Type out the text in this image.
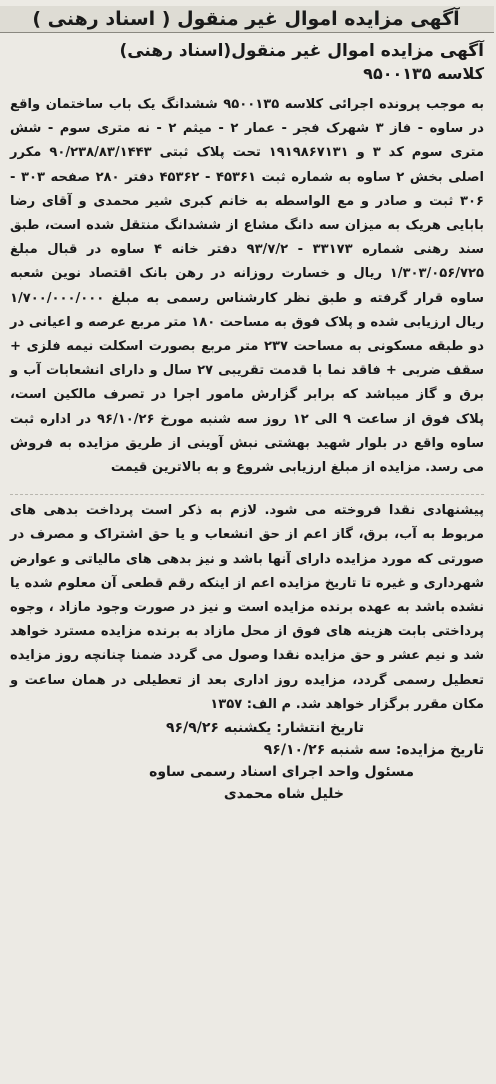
آگهی مزایده اموال غیر منقول ( اسناد رهنی )
آگهی مزایده اموال غیر منقول(اسناد رهنی)
کلاسه ۹۵۰۰۱۳۵

به موجب پرونده اجرائی کلاسه ۹۵۰۰۱۳۵ ششدانگ یک باب ساختمان واقع در ساوه - فاز ۳ شهرک فجر - عمار ۲ - میثم ۲ - نه متری سوم - شش متری سوم کد ۳ و ۱۹۱۹۸۶۷۱۳۱ تحت پلاک ثبتی ۹۰/۲۳۸/۸۳/۱۴۴۳ مکرر اصلی بخش ۲ ساوه به شماره ثبت ۴۵۳۶۱ - ۴۵۳۶۲ دفتر ۲۸۰ صفحه ۳۰۳ - ۳۰۶ ثبت و صادر و مع الواسطه به خانم کبری شیر محمدی و آقای رضا بابایی هریک به میزان سه دانگ مشاع از ششدانگ منتقل شده است، طبق سند رهنی شماره ۳۳۱۷۳ - ۹۳/۷/۲ دفتر خانه ۴ ساوه در قبال مبلغ ۱/۳۰۳/۰۵۶/۷۲۵ ریال و خسارت روزانه در رهن بانک اقتصاد نوین شعبه ساوه قرار گرفته و طبق نظر کارشناس رسمی به مبلغ ۱/۷۰۰/۰۰۰/۰۰۰ ریال ارزیابی شده و پلاک فوق به مساحت ۱۸۰ متر مربع عرصه و اعیانی در دو طبقه مسکونی به مساحت ۲۳۷ متر مربع بصورت اسکلت نیمه فلزی + سقف ضربی + فاقد نما با قدمت تقریبی ۲۷ سال و دارای انشعابات آب و برق و گاز میباشد که برابر گزارش مامور اجرا در تصرف مالکین است، پلاک فوق از ساعت ۹ الی ۱۲ روز سه شنبه مورخ ۹۶/۱۰/۲۶ در اداره ثبت ساوه واقع در بلوار شهید بهشتی نبش آوینی از طریق مزایده به فروش می رسد. مزایده از مبلغ ارزیابی شروع و به بالاترین قیمت

پیشنهادی نقدا فروخته می شود. لازم به ذکر است پرداخت بدهی های مربوط به آب، برق، گاز اعم از حق انشعاب و یا حق اشتراک و مصرف در صورتی که مورد مزایده دارای آنها باشد و نیز بدهی های مالیاتی و عوارض شهرداری و غیره تا تاریخ مزایده اعم از اینکه رقم قطعی آن معلوم شده یا نشده باشد به عهده برنده مزایده است و نیز در صورت وجود مازاد ، وجوه پرداختی بابت هزینه های فوق از محل مازاد به برنده مزایده مسترد خواهد شد و نیم عشر و حق مزایده نقدا وصول می گردد ضمنا چنانچه روز مزایده تعطیل رسمی گردد، مزایده روز اداری بعد از تعطیلی در همان ساعت و مکان مقرر برگزار خواهد شد. م الف: ۱۳۵۷

تاریخ انتشار: یکشنبه ۹۶/۹/۲۶
تاریخ مزایده: سه شنبه ۹۶/۱۰/۲۶
مسئول واحد اجرای اسناد رسمی ساوه
خلیل شاه محمدی
